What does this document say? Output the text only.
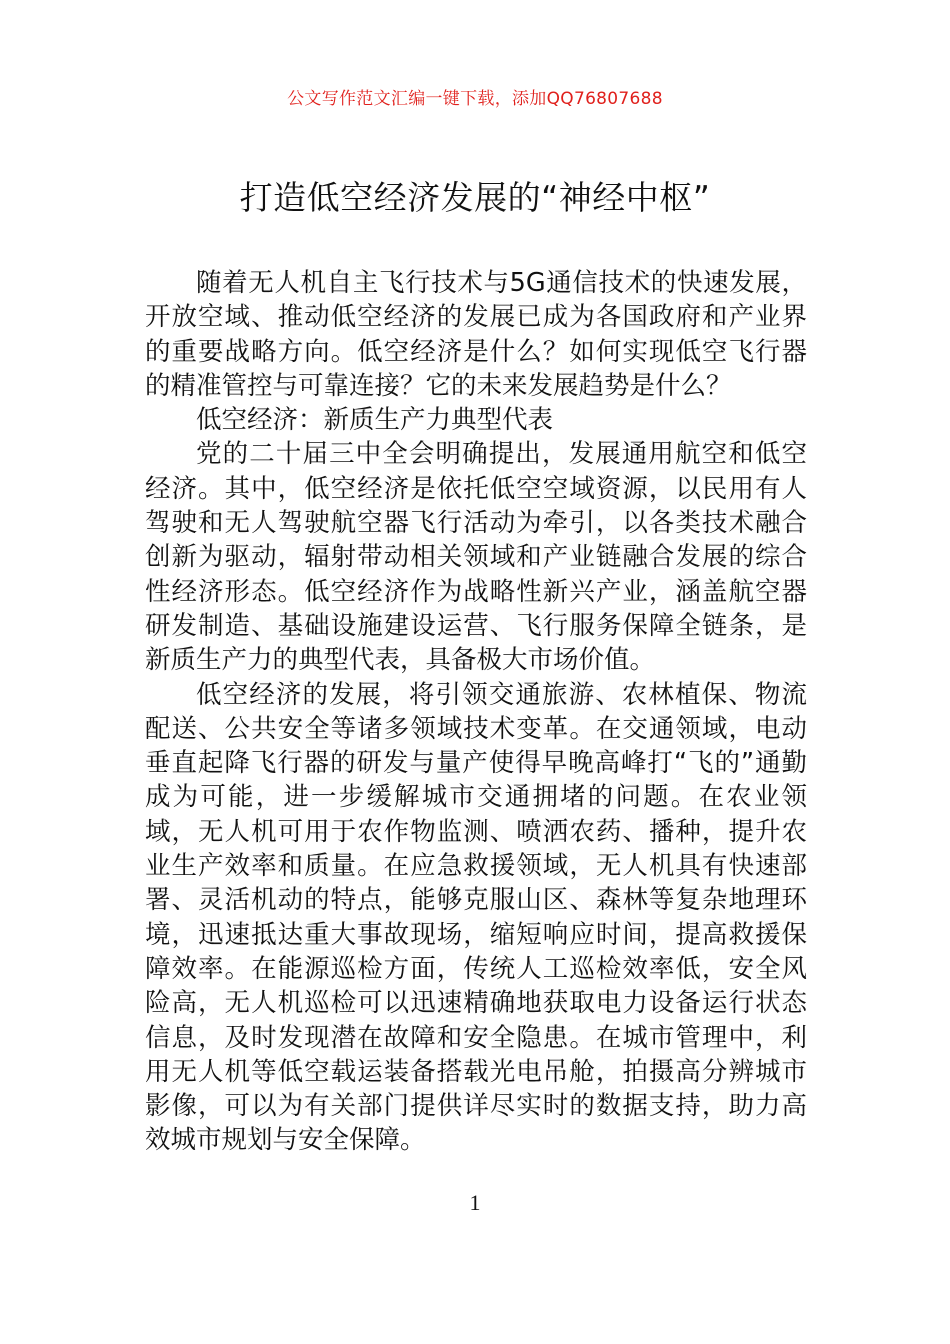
公文写作范文汇编一键下载，添加QQ76807688
打造低空经济发展的“神经中枢”

随着无人机自主飞行技术与5G通信技术的快速发展，开放空域、推动低空经济的发展已成为各国政府和产业界的重要战略方向。低空经济是什么？如何实现低空飞行器的精准管控与可靠连接？它的未来发展趋势是什么？

低空经济：新质生产力典型代表

党的二十届三中全会明确提出，发展通用航空和低空经济。其中，低空经济是依托低空空域资源，以民用有人驾驶和无人驾驶航空器飞行活动为牵引，以各类技术融合创新为驱动，辐射带动相关领域和产业链融合发展的综合性经济形态。低空经济作为战略性新兴产业，涵盖航空器研发制造、基础设施建设运营、飞行服务保障全链条，是新质生产力的典型代表，具备极大市场价值。

低空经济的发展，将引领交通旅游、农林植保、物流配送、公共安全等诸多领域技术变革。在交通领域，电动垂直起降飞行器的研发与量产使得早晚高峰打“飞的”通勤成为可能，进一步缓解城市交通拥堵的问题。在农业领域，无人机可用于农作物监测、喷洒农药、播种，提升农业生产效率和质量。在应急救援领域，无人机具有快速部署、灵活机动的特点，能够克服山区、森林等复杂地理环境，迅速抵达重大事故现场，缩短响应时间，提高救援保障效率。在能源巡检方面，传统人工巡检效率低，安全风险高，无人机巡检可以迅速精确地获取电力设备运行状态信息，及时发现潜在故障和安全隐患。在城市管理中，利用无人机等低空载运装备搭载光电吊舱，拍摄高分辨城市影像，可以为有关部门提供详尽实时的数据支持，助力高效城市规划与安全保障。

1
